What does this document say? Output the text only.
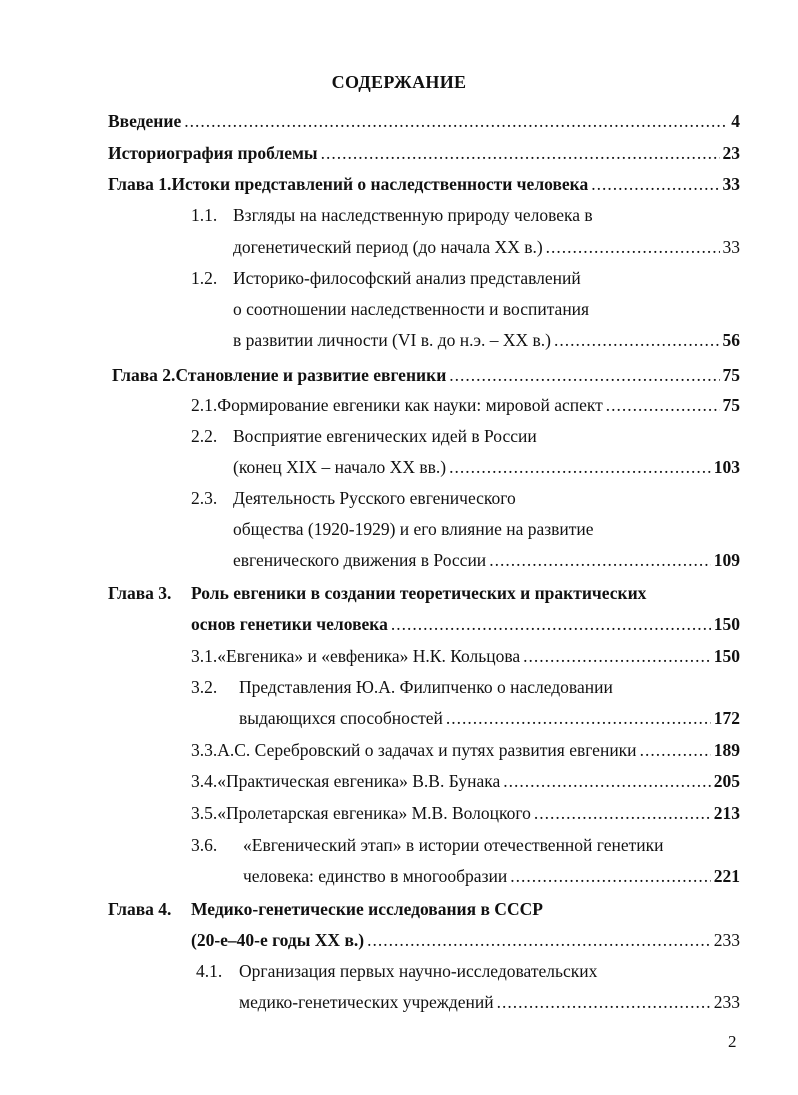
СОДЕРЖАНИЕ
Введение .....	4
Историография проблемы .....	23
Глава 1. Истоки представлений о наследственности человека .....	33
1.1. Взгляды на наследственную природу человека в
догенетический период (до начала XX в.) .....	33
1.2. Историко-философский анализ представлений
о соотношении наследственности и воспитания
в развитии личности (VI в. до н.э. – XX в.) .....	56
Глава 2. Становление и развитие евгеники .....	75
2.1. Формирование евгеники как науки: мировой аспект .....	75
2.2. Восприятие евгенических идей в России
(конец XIX – начало XX вв.) .....	103
2.3. Деятельность Русского евгенического
общества (1920-1929) и его влияние на развитие
евгенического движения в России .....	109
Глава 3.	Роль евгеники в создании теоретических и практических
основ генетики человека .....	150
3.1. «Евгеника» и «евфеника» Н.К. Кольцова .....	150
3.2.	Представления Ю.А. Филипченко о наследовании
выдающихся способностей .....	172
3.3. А.С. Серебровский о задачах и путях развития евгеники .....	189
3.4. «Практическая евгеника» В.В. Бунака .....	205
3.5. «Пролетарская евгеника» М.В. Волоцкого .....	213
3.6.	«Евгенический этап» в истории отечественной генетики
человека: единство в многообразии .....	221
Глава 4.	Медико-генетические исследования в СССР
(20-е–40-е годы XX в.) .....	233
4.1. Организация первых научно-исследовательских
медико-генетических учреждений .....	233
2
